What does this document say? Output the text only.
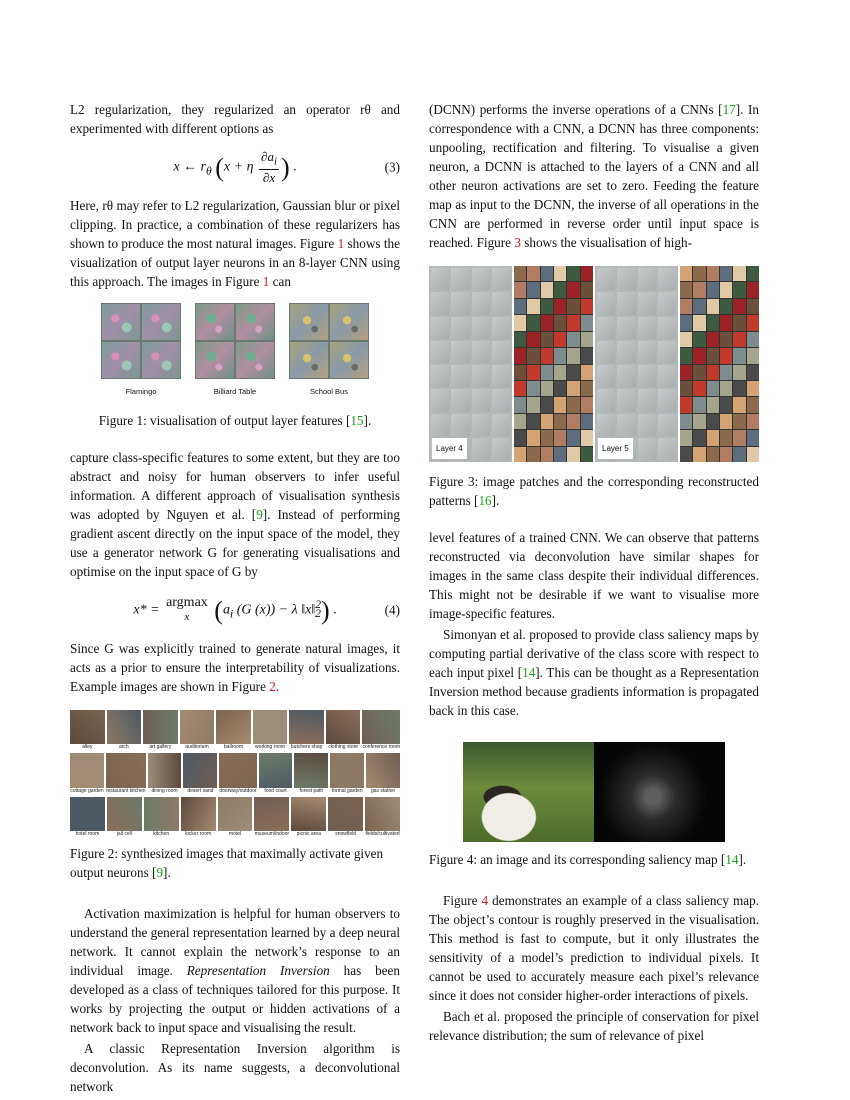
L2 regularization, they regularized an operator rθ and experimented with different options as

x ← $r_\theta$ (x + η $\frac{\partial a_i}{\partial x}$ ) .	(3)

Here, rθ may refer to L2 regularization, Gaussian blur or pixel clipping. In practice, a combination of these regularizers has shown to produce the most natural images. Figure 1 shows the visualization of output layer neurons in an 8-layer CNN using this approach. The images in Figure 1 can

Flamingo	Billiard Table	School Bus

Figure 1: visualisation of output layer features [15].

capture class-specific features to some extent, but they are too abstract and noisy for human observers to infer useful information. A different approach of visualisation synthesis was adopted by Nguyen et al. [9]. Instead of performing gradient ascent directly on the input space of the model, they use a generator network G for generating visualisations and optimise on the input space of G by

x* = argmax
x ($a_i$ (G (x)) − λ ‖x‖$^2_2$) .	(4)

Since G was explicitly trained to generate natural images, it acts as a prior to ensure the interpretability of visualizations. Example images are shown in Figure 2.

alley	arch	art gallery	auditorium	ballroom	working room	butchers shop	clothing store conference room
cottage garden restaurant kitchen	dining room	desert sand	doorway/outdoor	food court	forest path	formal garden	gas station
hotel room	jail cell	kitchen	locker room	motel	museum/indoor	picnic area	snowfield	fields/cultivated

Figure 2: synthesized images that maximally activate given output neurons [9].

Activation maximization is helpful for human observers to understand the general representation learned by a deep neural network. It cannot explain the network’s response to an individual image. Representation Inversion has been developed as a class of techniques tailored for this purpose. It works by projecting the output or hidden activations of a network back to input space and visualising the result.

A classic Representation Inversion algorithm is deconvolution. As its name suggests, a deconvolutional network

(DCNN) performs the inverse operations of a CNNs [17]. In correspondence with a CNN, a DCNN has three components: unpooling, rectification and filtering. To visualise a given neuron, a DCNN is attached to the layers of a CNN and all other neuron activations are set to zero. Feeding the feature map as input to the DCNN, the inverse of all operations in the CNN are performed in reverse order until input space is reached. Figure 3 shows the visualisation of high-

Layer 4	Layer 5

Figure 3: image patches and the corresponding reconstructed patterns [16].

level features of a trained CNN. We can observe that patterns reconstructed via deconvolution have similar shapes for images in the same class despite their individual differences. This might not be desirable if we want to visualise more image-specific features.

Simonyan et al. proposed to provide class saliency maps by computing partial derivative of the class score with respect to each input pixel [14]. This can be thought as a Representation Inversion method because gradients information is propagated back in this case.

Figure 4: an image and its corresponding saliency map [14].

Figure 4 demonstrates an example of a class saliency map. The object’s contour is roughly preserved in the visualisation. This method is fast to compute, but it only illustrates the sensitivity of a model’s prediction to individual pixels. It cannot be used to accurately measure each pixel’s relevance since it does not consider higher-order interactions of pixels.

Bach et al. proposed the principle of conservation for pixel relevance distribution; the sum of relevance of pixel
